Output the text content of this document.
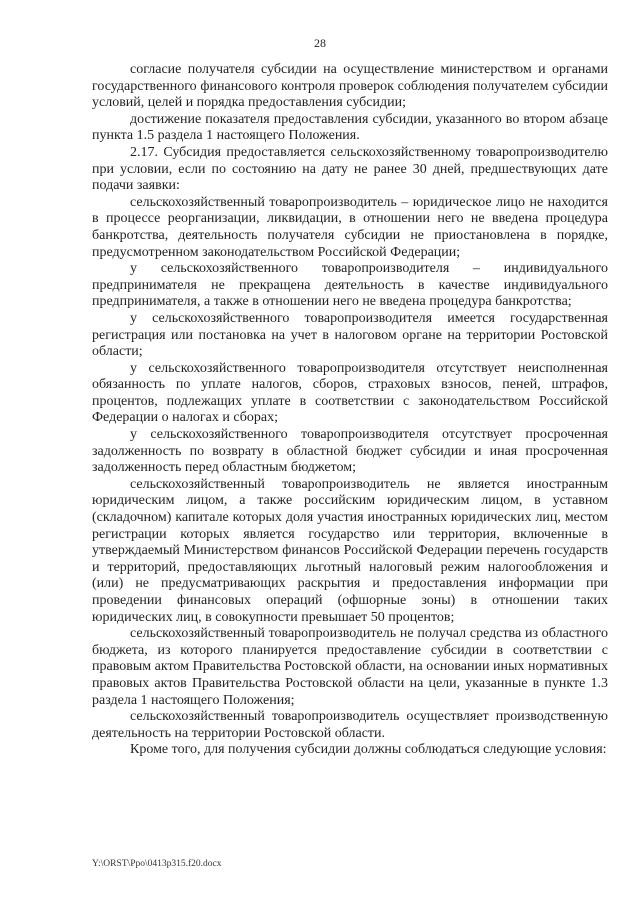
28

согласие получателя субсидии на осуществление министерством и органами государственного финансового контроля проверок соблюдения получателем субсидии условий, целей и порядка предоставления субсидии;

достижение показателя предоставления субсидии, указанного во втором абзаце пункта 1.5 раздела 1 настоящего Положения.

2.17. Субсидия предоставляется сельскохозяйственному товаропроизводителю при условии, если по состоянию на дату не ранее 30 дней, предшествующих дате подачи заявки:

сельскохозяйственный товаропроизводитель – юридическое лицо не находится в процессе реорганизации, ликвидации, в отношении него не введена процедура банкротства, деятельность получателя субсидии не приостановлена в порядке, предусмотренном законодательством Российской Федерации;

у сельскохозяйственного товаропроизводителя – индивидуального предпринимателя не прекращена деятельность в качестве индивидуального предпринимателя, а также в отношении него не введена процедура банкротства;

у сельскохозяйственного товаропроизводителя имеется государственная регистрация или постановка на учет в налоговом органе на территории Ростовской области;

у сельскохозяйственного товаропроизводителя отсутствует неисполненная обязанность по уплате налогов, сборов, страховых взносов, пеней, штрафов, процентов, подлежащих уплате в соответствии с законодательством Российской Федерации о налогах и сборах;

у сельскохозяйственного товаропроизводителя отсутствует просроченная задолженность по возврату в областной бюджет субсидии и иная просроченная задолженность перед областным бюджетом;

сельскохозяйственный товаропроизводитель не является иностранным юридическим лицом, а также российским юридическим лицом, в уставном (складочном) капитале которых доля участия иностранных юридических лиц, местом регистрации которых является государство или территория, включенные в утверждаемый Министерством финансов Российской Федерации перечень государств и территорий, предоставляющих льготный налоговый режим налогообложения и (или) не предусматривающих раскрытия и предоставления информации при проведении финансовых операций (офшорные зоны) в отношении таких юридических лиц, в совокупности превышает 50 процентов;

сельскохозяйственный товаропроизводитель не получал средства из областного бюджета, из которого планируется предоставление субсидии в соответствии с правовым актом Правительства Ростовской области, на основании иных нормативных правовых актов Правительства Ростовской области на цели, указанные в пункте 1.3 раздела 1 настоящего Положения;

сельскохозяйственный товаропроизводитель осуществляет производственную деятельность на территории Ростовской области.

Кроме того, для получения субсидии должны соблюдаться следующие условия:

Y:\ORST\Ppo\0413p315.f20.docx
